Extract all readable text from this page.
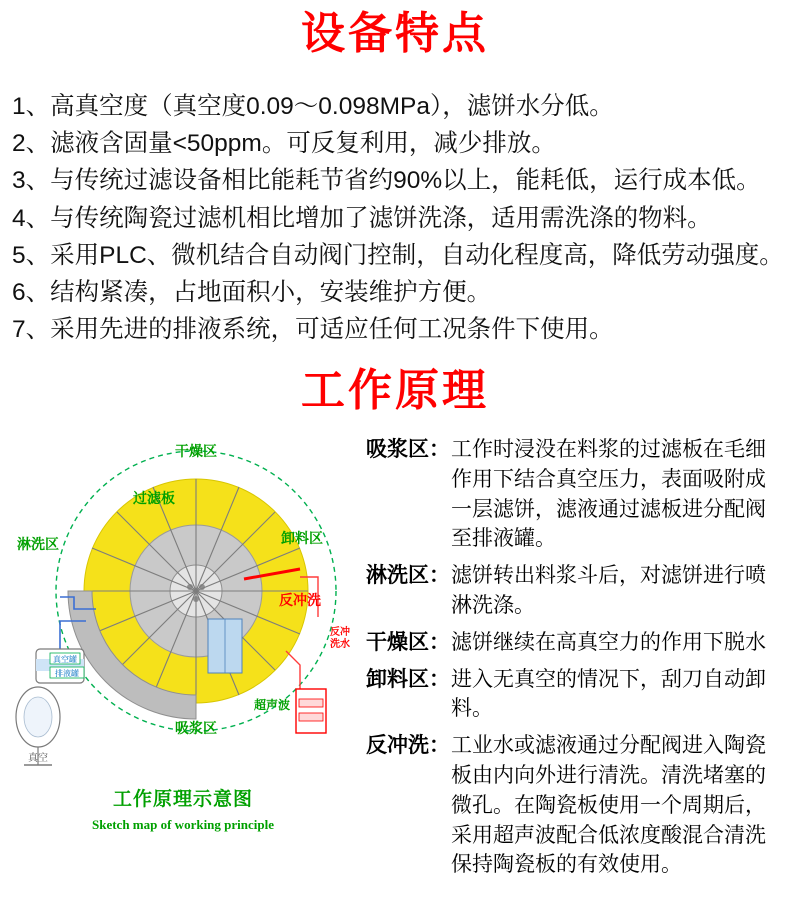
设备特点
1、高真空度（真空度0.09～0.098MPa），滤饼水分低。
2、滤液含固量<50ppm。可反复利用，减少排放。
3、与传统过滤设备相比能耗节省约90%以上，能耗低，运行成本低。
4、与传统陶瓷过滤机相比增加了滤饼洗涤，适用需洗涤的物料。
5、采用PLC、微机结合自动阀门控制，自动化程度高，降低劳动强度。
6、结构紧凑，占地面积小，安装维护方便。
7、采用先进的排液系统，可适应任何工况条件下使用。
工作原理
干燥区
过滤板
淋洗区	卸料区
反冲洗
吸浆区
超声波
反冲
洗水
真空罐
排液罐
真空
工作原理示意图
Sketch map of working principle
吸浆区： 工作时浸没在料浆的过滤板在毛细作用下结合真空压力，表面吸附成一层滤饼，滤液通过滤板进分配阀至排液罐。
淋洗区： 滤饼转出料浆斗后，对滤饼进行喷淋洗涤。
干燥区： 滤饼继续在高真空力的作用下脱水
卸料区： 进入无真空的情况下，刮刀自动卸料。
反冲洗： 工业水或滤液通过分配阀进入陶瓷板由内向外进行清洗。清洗堵塞的微孔。在陶瓷板使用一个周期后，采用超声波配合低浓度酸混合清洗保持陶瓷板的有效使用。
